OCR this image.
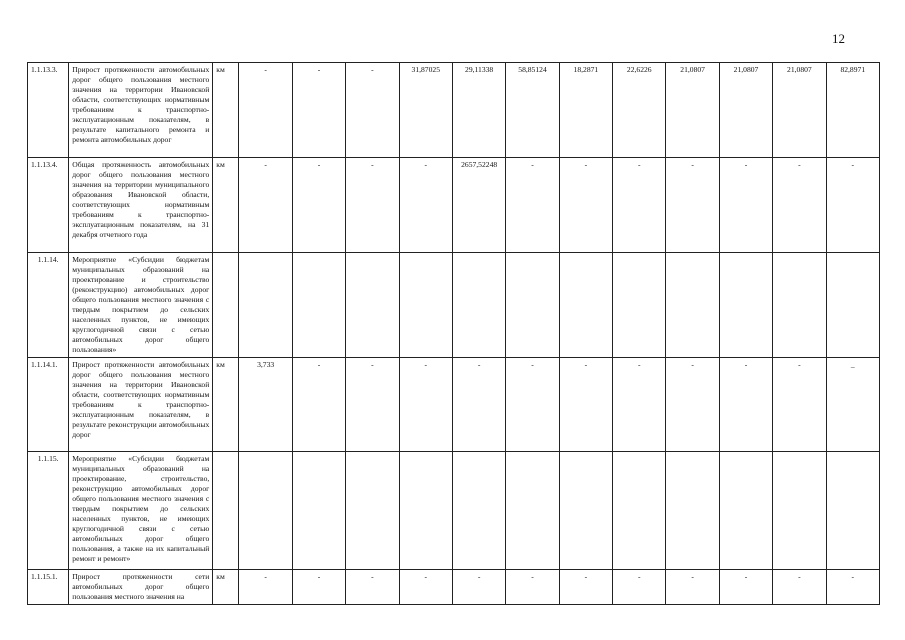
12
1.1.13.3.	Прирост протяженности автомобильных дорог общего пользования местного значения на территории Ивановской области, соответствующих нормативным требованиям к транспортно-эксплуатационным показателям, в результате капитального ремонта и ремонта автомобильных дорог	км	-	-	-	31,87025	29,11338	58,85124	18,2871	22,6226	21,0807	21,0807	21,0807	82,8971
1.1.13.4.	Общая протяженность автомобильных дорог общего пользования местного значения на территории муниципального образования Ивановской области, соответствующих нормативным требованиям к транспортно-эксплуатационным показателям, на 31 декабря отчетного года	км	-	-	-	-	2657,52248	-	-	-	-	-	-	-
1.1.14.	Мероприятие «Субсидии бюджетам муниципальных образований на проектирование и строительство (реконструкцию) автомобильных дорог общего пользования местного значения с твердым покрытием до сельских населенных пунктов, не имеющих круглогодичной связи с сетью автомобильных дорог общего пользования»													
1.1.14.1.	Прирост протяженности автомобильных дорог общего пользования местного значения на территории Ивановской области, соответствующих нормативным требованиям к транспортно-эксплуатационным показателям, в результате реконструкции автомобильных дорог	км	3,733	-	-	-	-	-	-	-	-	-	-	_
1.1.15.	Мероприятие «Субсидии бюджетам муниципальных образований на проектирование, строительство, реконструкцию автомобильных дорог общего пользования местного значения с твердым покрытием до сельских населенных пунктов, не имеющих круглогодичной связи с сетью автомобильных дорог общего пользования, а также на их капитальный ремонт и ремонт»													
1.1.15.1.	Прирост протяженности сети автомобильных дорог общего пользования местного значения на	км	-	-	-	-	-	-	-	-	-	-	-	-
